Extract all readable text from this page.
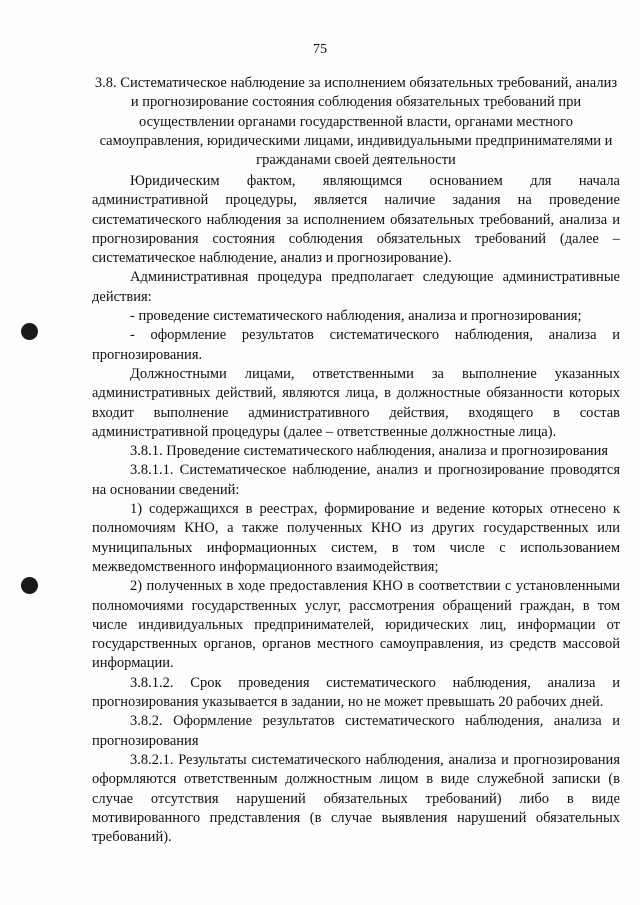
75
3.8. Систематическое наблюдение за исполнением обязательных требований, анализ и прогнозирование состояния соблюдения обязательных требований при осуществлении органами государственной власти, органами местного самоуправления, юридическими лицами, индивидуальными предпринимателями и гражданами своей деятельности

Юридическим фактом, являющимся основанием для начала административной процедуры, является наличие задания на проведение систематического наблюдения за исполнением обязательных требований, анализа и прогнозирования состояния соблюдения обязательных требований (далее – систематическое наблюдение, анализ и прогнозирование).

Административная процедура предполагает следующие административные действия:

- проведение систематического наблюдения, анализа и прогнозирования;

- оформление результатов систематического наблюдения, анализа и прогнозирования.

Должностными лицами, ответственными за выполнение указанных административных действий, являются лица, в должностные обязанности которых входит выполнение административного действия, входящего в состав административной процедуры (далее – ответственные должностные лица).

3.8.1. Проведение систематического наблюдения, анализа и прогнозирования

3.8.1.1. Систематическое наблюдение, анализ и прогнозирование проводятся на основании сведений:

1) содержащихся в реестрах, формирование и ведение которых отнесено к полномочиям КНО, а также полученных КНО из других государственных или муниципальных информационных систем, в том числе с использованием межведомственного информационного взаимодействия;

2) полученных в ходе предоставления КНО в соответствии с установленными полномочиями государственных услуг, рассмотрения обращений граждан, в том числе индивидуальных предпринимателей, юридических лиц, информации от государственных органов, органов местного самоуправления, из средств массовой информации.

3.8.1.2. Срок проведения систематического наблюдения, анализа и прогнозирования указывается в задании, но не может превышать 20 рабочих дней.

3.8.2. Оформление результатов систематического наблюдения, анализа и прогнозирования

3.8.2.1. Результаты систематического наблюдения, анализа и прогнозирования оформляются ответственным должностным лицом в виде служебной записки (в случае отсутствия нарушений обязательных требований) либо в виде мотивированного представления (в случае выявления нарушений обязательных требований).
